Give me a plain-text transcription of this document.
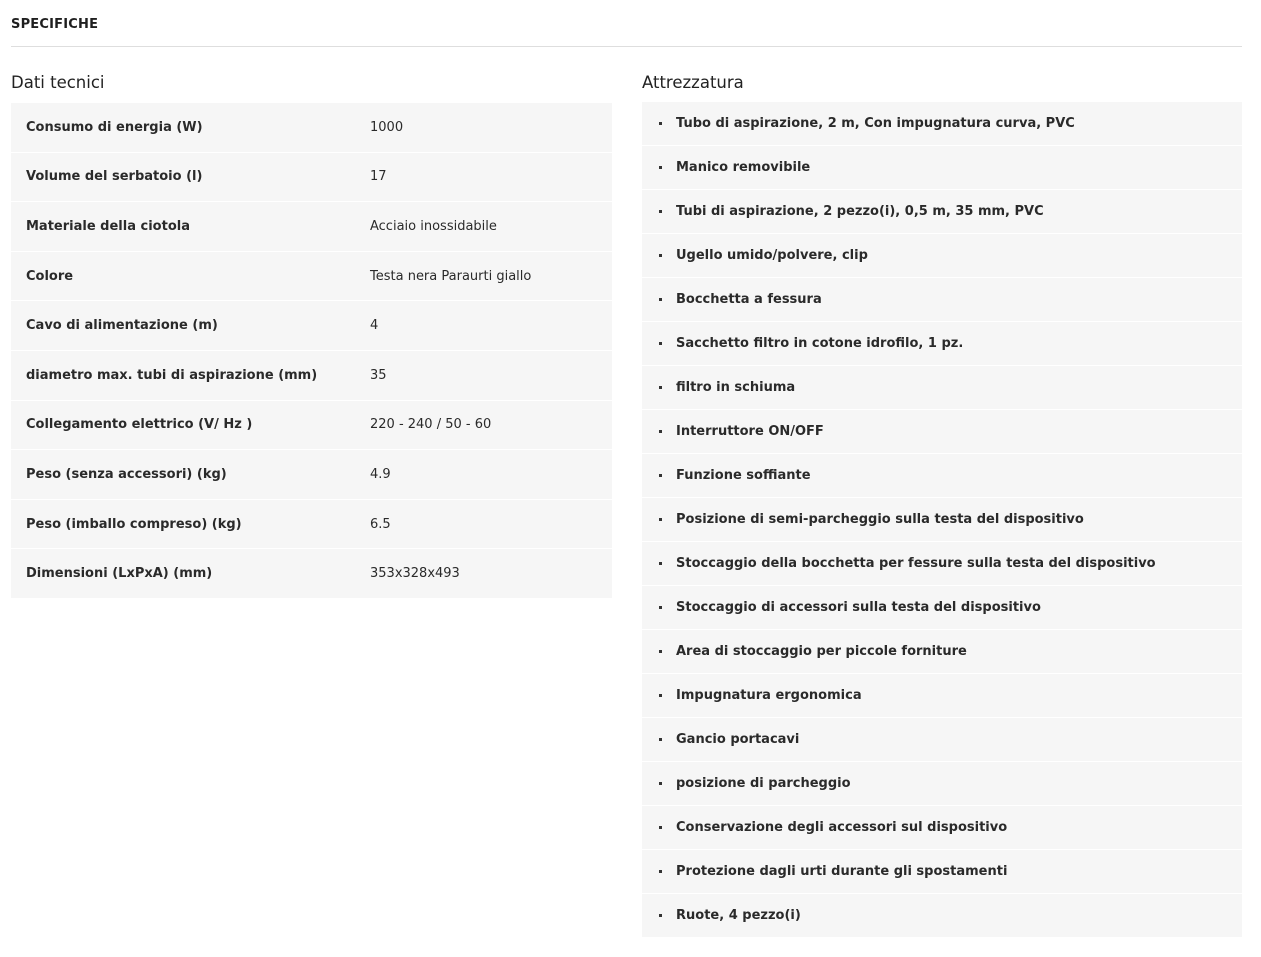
SPECIFICHE
Dati tecnici
Consumo di energia (W)	1000
Volume del serbatoio (l)	17
Materiale della ciotola	Acciaio inossidabile
Colore	Testa nera Paraurti giallo
Cavo di alimentazione (m)	4
diametro max. tubi di aspirazione (mm)	35
Collegamento elettrico (V/ Hz )	220 - 240 / 50 - 60
Peso (senza accessori) (kg)	4.9
Peso (imballo compreso) (kg)	6.5
Dimensioni (LxPxA) (mm)	353x328x493
Attrezzatura
Tubo di aspirazione, 2 m, Con impugnatura curva, PVC
Manico removibile
Tubi di aspirazione, 2 pezzo(i), 0,5 m, 35 mm, PVC
Ugello umido/polvere, clip
Bocchetta a fessura
Sacchetto filtro in cotone idrofilo, 1 pz.
filtro in schiuma
Interruttore ON/OFF
Funzione soffiante
Posizione di semi-parcheggio sulla testa del dispositivo
Stoccaggio della bocchetta per fessure sulla testa del dispositivo
Stoccaggio di accessori sulla testa del dispositivo
Area di stoccaggio per piccole forniture
Impugnatura ergonomica
Gancio portacavi
posizione di parcheggio
Conservazione degli accessori sul dispositivo
Protezione dagli urti durante gli spostamenti
Ruote, 4 pezzo(i)
